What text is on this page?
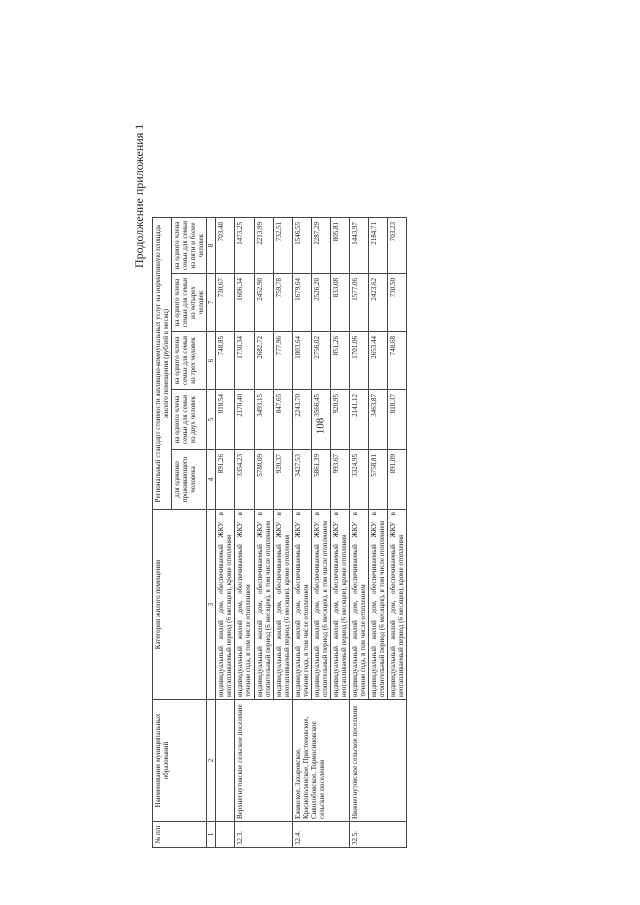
108
Продолжение приложения 1
№ п/п	Наименование муниципальных образований	Категория жилого помещения	Региональный стандарт стоимости жилищно-коммунальных услуг на нормативную площадь жилого помещения (рублей в месяц)				
			для одиноко проживающего человека	на одного члена семьи для семьи из двух человек	на одного члена семьи для семьи из трех человек	на одного члена семьи для семьи из четырех человек	на одного члена семьи для семьи из пяти и более человек
1	2	3	4	5	6	7	8
		индивидуальный жилой дом, обеспечиваемый ЖКУ в неотапливаемый период (6 месяцев), кроме отопления	891,26	818,54	748,85	730,67	703,40
32.3.	Верхнегнутовское сельское поселение	индивидуальный жилой дом, обеспечиваемый ЖКУ в течение года, в том числе отоплением	3354,23	2170,40	1730,34	1606,34	1473,25
		индивидуальный жилой дом, обеспечиваемый ЖКУ в отопительный период (6 месяцев), в том числе отоплением	5788,09	3493,15	2682,72	2452,90	2213,99
		индивидуальный жилой дом, обеспечиваемый ЖКУ в неотапливаемый период (6 месяцев), кроме отопления	920,37	847,65	777,96	759,78	732,51
32.4.	Ежинское, Захаровское, Краснополянское, Пристеновское, Сиволобовское, Тормосиновское сельские поселения	индивидуальный жилой дом, обеспечиваемый ЖКУ в течение года, в том числе отоплением	3427,53	2243,70	1803,64	1679,64	1546,55
		индивидуальный жилой дом, обеспечиваемый ЖКУ в отопительный период (6 месяцев), в том числе отоплением	5861,39	3566,45	2756,02	2526,20	2287,29
		индивидуальный жилой дом, обеспечиваемый ЖКУ в неотапливаемый период (6 месяцев), кроме отопления	993,67	920,95	851,26	833,08	805,81
32.5.	Нижнегнутовское сельское поселение	индивидуальный жилой дом, обеспечиваемый ЖКУ в течение года, в том числе отоплением	3324,95	2141,12	1701,06	1577,06	1443,97
		индивидуальный жилой дом, обеспечиваемый ЖКУ в отопительный период (6 месяцев), в том числе отоплением	5758,81	3463,87	2653,44	2423,62	2184,71
		индивидуальный жилой дом, обеспечиваемый ЖКУ в неотапливаемый период (6 месяцев), кроме отопления	891,09	818,37	748,68	730,50	703,23
